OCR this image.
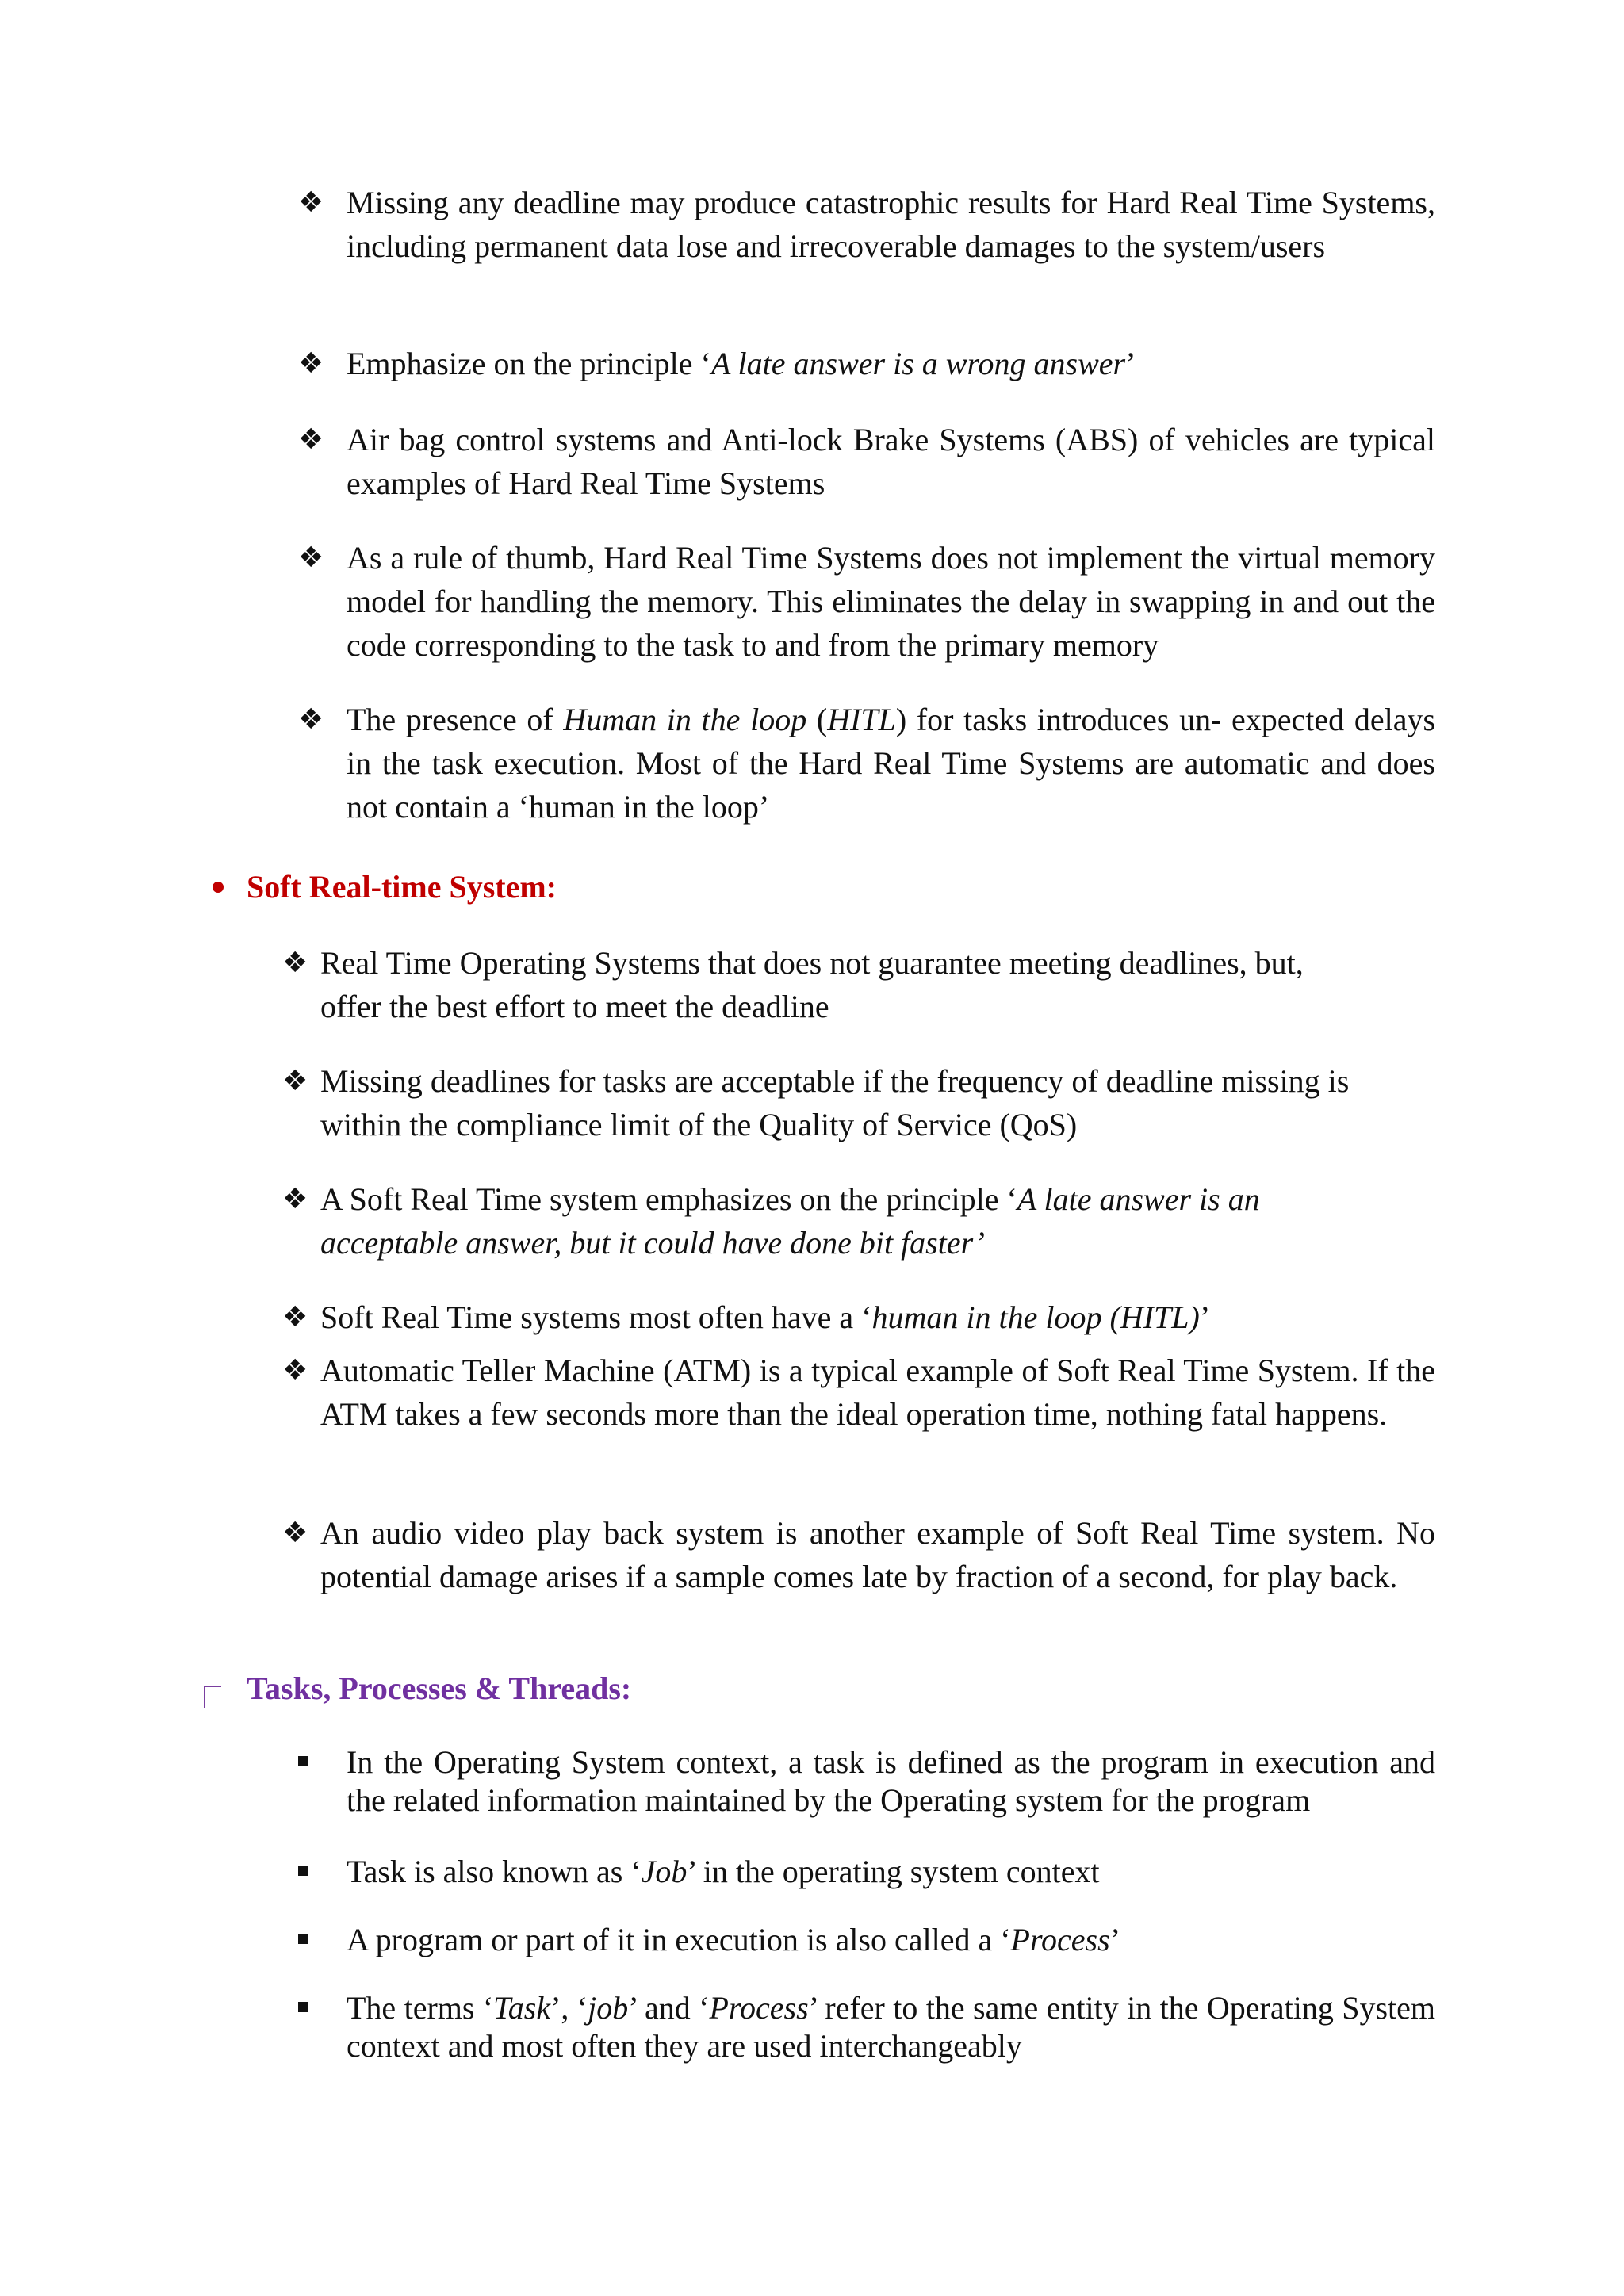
❖ Missing any deadline may produce catastrophic results for Hard Real Time Systems, including permanent data lose and irrecoverable damages to the system/users
❖ Emphasize on the principle ‘A late answer is a wrong answer’
❖ Air bag control systems and Anti-lock Brake Systems (ABS) of vehicles are typical examples of Hard Real Time Systems
❖ As a rule of thumb, Hard Real Time Systems does not implement the virtual memory model for handling the memory. This eliminates the delay in swapping in and out the code corresponding to the task to and from the primary memory
❖ The presence of Human in the loop (HITL) for tasks introduces un- expected delays in the task execution. Most of the Hard Real Time Systems are automatic and does not contain a ‘human in the loop’
Soft Real-time System:
❖ Real Time Operating Systems that does not guarantee meeting deadlines, but, offer the best effort to meet the deadline
❖ Missing deadlines for tasks are acceptable if the frequency of deadline missing is within the compliance limit of the Quality of Service (QoS)
❖ A Soft Real Time system emphasizes on the principle ‘A late answer is an acceptable answer, but it could have done bit faster’
❖ Soft Real Time systems most often have a ‘human in the loop (HITL)’
❖ Automatic Teller Machine (ATM) is a typical example of Soft Real Time System. If the ATM takes a few seconds more than the ideal operation time, nothing fatal happens.
❖ An audio video play back system is another example of Soft Real Time system. No potential damage arises if a sample comes late by fraction of a second, for play back.
Tasks, Processes & Threads:
In the Operating System context, a task is defined as the program in execution and the related information maintained by the Operating system for the program
Task is also known as ‘Job’ in the operating system context
A program or part of it in execution is also called a ‘Process’
The terms ‘Task’, ‘job’ and ‘Process’ refer to the same entity in the Operating System context and most often they are used interchangeably
